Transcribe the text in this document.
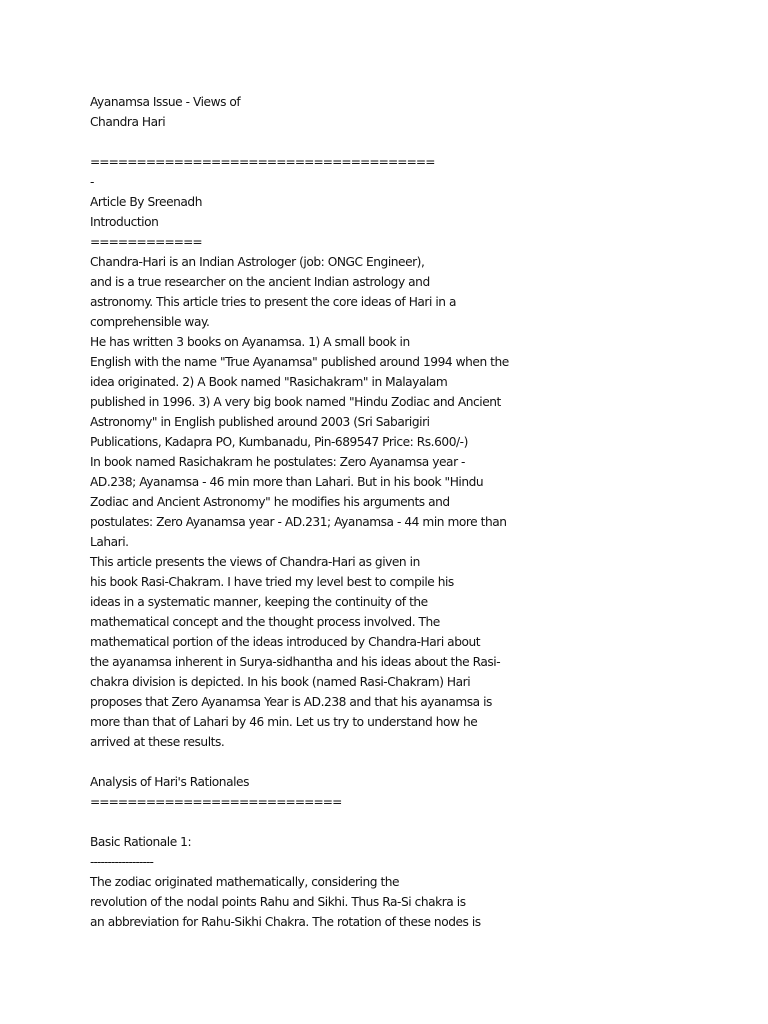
Ayanamsa Issue - Views of
Chandra Hari
=====================================
-
Article By Sreenadh
Introduction
============
Chandra-Hari is an Indian Astrologer (job: ONGC Engineer),
and is a true researcher on the ancient Indian astrology and
astronomy. This article tries to present the core ideas of Hari in a
comprehensible way.
He has written 3 books on Ayanamsa. 1) A small book in
English with the name "True Ayanamsa" published around 1994 when the
idea originated. 2) A Book named "Rasichakram" in Malayalam
published in 1996. 3) A very big book named "Hindu Zodiac and Ancient
Astronomy" in English published around 2003 (Sri Sabarigiri
Publications, Kadapra PO, Kumbanadu, Pin-689547 Price: Rs.600/-)
In book named Rasichakram he postulates: Zero Ayanamsa year -
AD.238; Ayanamsa - 46 min more than Lahari. But in his book "Hindu
Zodiac and Ancient Astronomy" he modifies his arguments and
postulates: Zero Ayanamsa year - AD.231; Ayanamsa - 44 min more than
Lahari.
This article presents the views of Chandra-Hari as given in
his book Rasi-Chakram. I have tried my level best to compile his
ideas in a systematic manner, keeping the continuity of the
mathematical concept and the thought process involved. The
mathematical portion of the ideas introduced by Chandra-Hari about
the ayanamsa inherent in Surya-sidhantha and his ideas about the Rasi-
chakra division is depicted. In his book (named Rasi-Chakram) Hari
proposes that Zero Ayanamsa Year is AD.238 and that his ayanamsa is
more than that of Lahari by 46 min. Let us try to understand how he
arrived at these results.
Analysis of Hari's Rationales
===========================
Basic Rationale 1:
------------------
The zodiac originated mathematically, considering the
revolution of the nodal points Rahu and Sikhi. Thus Ra-Si chakra is
an abbreviation for Rahu-Sikhi Chakra. The rotation of these nodes is
